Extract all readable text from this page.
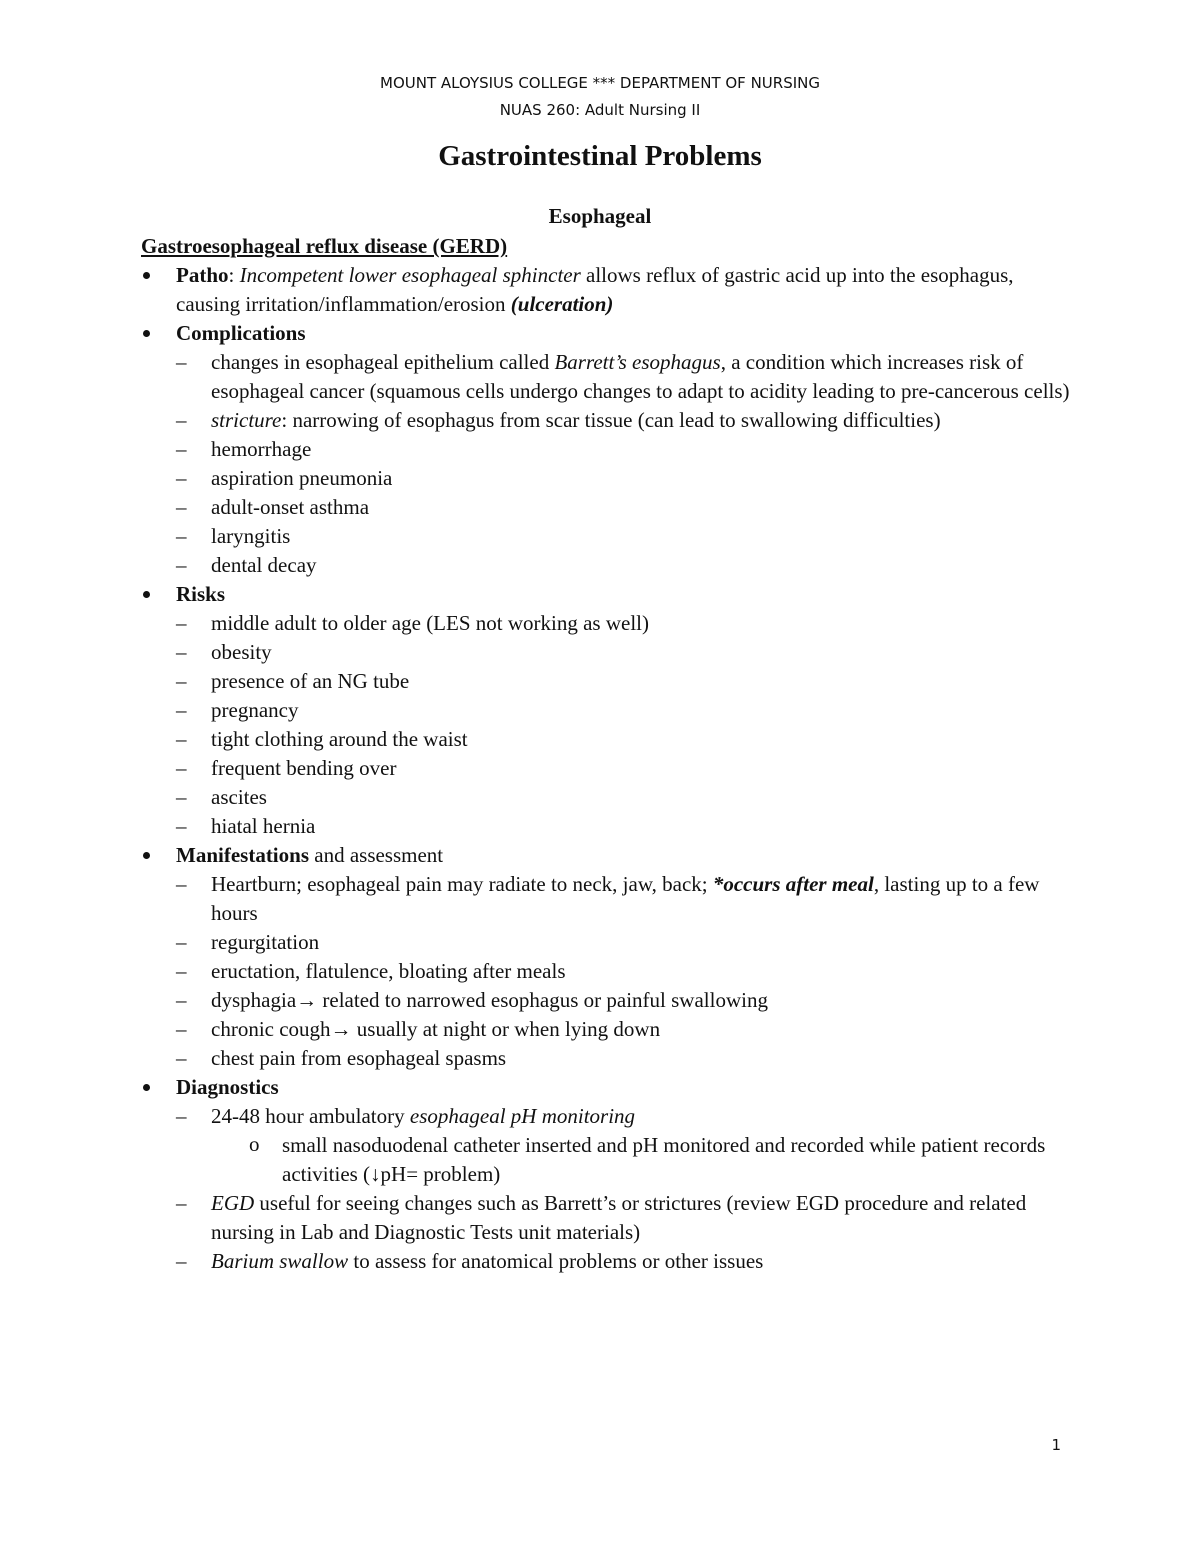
MOUNT ALOYSIUS COLLEGE *** DEPARTMENT OF NURSING
NUAS 260: Adult Nursing II
Gastrointestinal Problems
Esophageal
Gastroesophageal reflux disease (GERD)
Patho: Incompetent lower esophageal sphincter allows reflux of gastric acid up into the esophagus, causing irritation/inflammation/erosion (ulceration)
Complications
– changes in esophageal epithelium called Barrett’s esophagus, a condition which increases risk of esophageal cancer (squamous cells undergo changes to adapt to acidity leading to pre-cancerous cells)
– stricture: narrowing of esophagus from scar tissue (can lead to swallowing difficulties)
– hemorrhage
– aspiration pneumonia
– adult-onset asthma
– laryngitis
– dental decay
Risks
– middle adult to older age (LES not working as well)
– obesity
– presence of an NG tube
– pregnancy
– tight clothing around the waist
– frequent bending over
– ascites
– hiatal hernia
Manifestations and assessment
– Heartburn; esophageal pain may radiate to neck, jaw, back; *occurs after meal, lasting up to a few hours
– regurgitation
– eructation, flatulence, bloating after meals
– dysphagia→ related to narrowed esophagus or painful swallowing
– chronic cough→ usually at night or when lying down
– chest pain from esophageal spasms
Diagnostics
– 24-48 hour ambulatory esophageal pH monitoring
o small nasoduodenal catheter inserted and pH monitored and recorded while patient records activities (↓pH= problem)
– EGD useful for seeing changes such as Barrett’s or strictures (review EGD procedure and related nursing in Lab and Diagnostic Tests unit materials)
– Barium swallow to assess for anatomical problems or other issues
1
